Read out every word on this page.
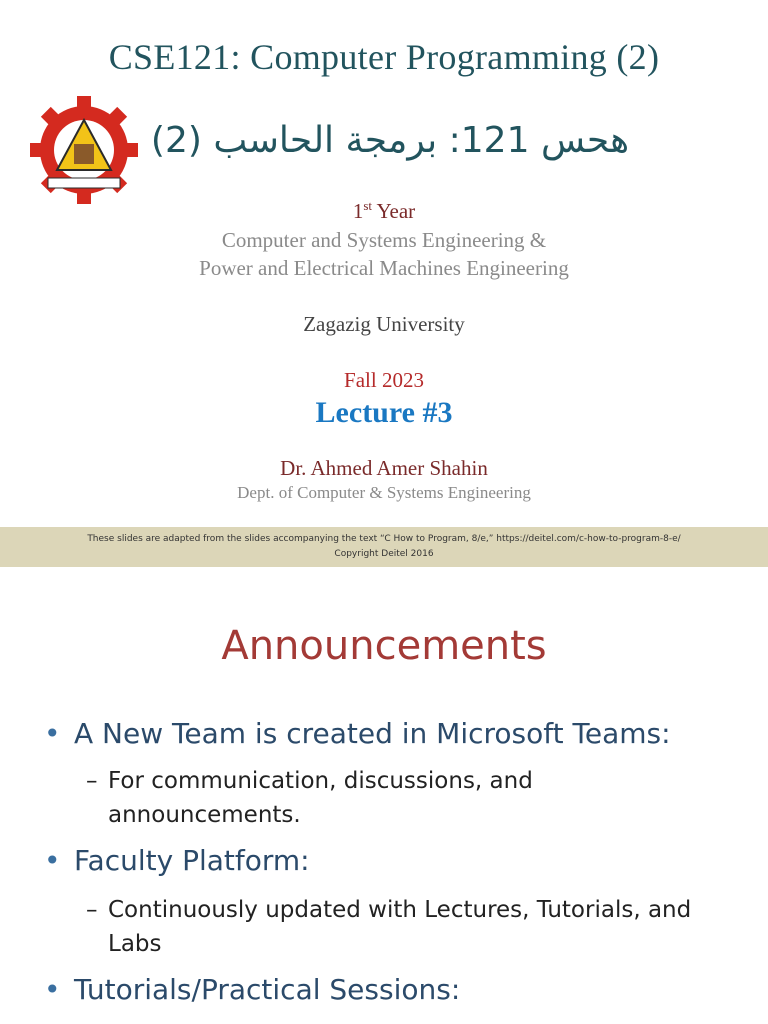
CSE121: Computer Programming (2)
هحس 121: برمجة الحاسب (2)
1st Year
Computer and Systems Engineering &
Power and Electrical Machines Engineering
Zagazig University
Fall 2023
Lecture #3
Dr. Ahmed Amer Shahin
Dept. of Computer & Systems Engineering
These slides are adapted from the slides accompanying the text “C How to Program, 8/e,” https://deitel.com/c-how-to-program-8-e/
Copyright Deitel 2016
Announcements
• A New Team is created in Microsoft Teams:
– For communication, discussions, and announcements.
• Faculty Platform:
– Continuously updated with Lectures, Tutorials, and Labs
• Tutorials/Practical Sessions:
